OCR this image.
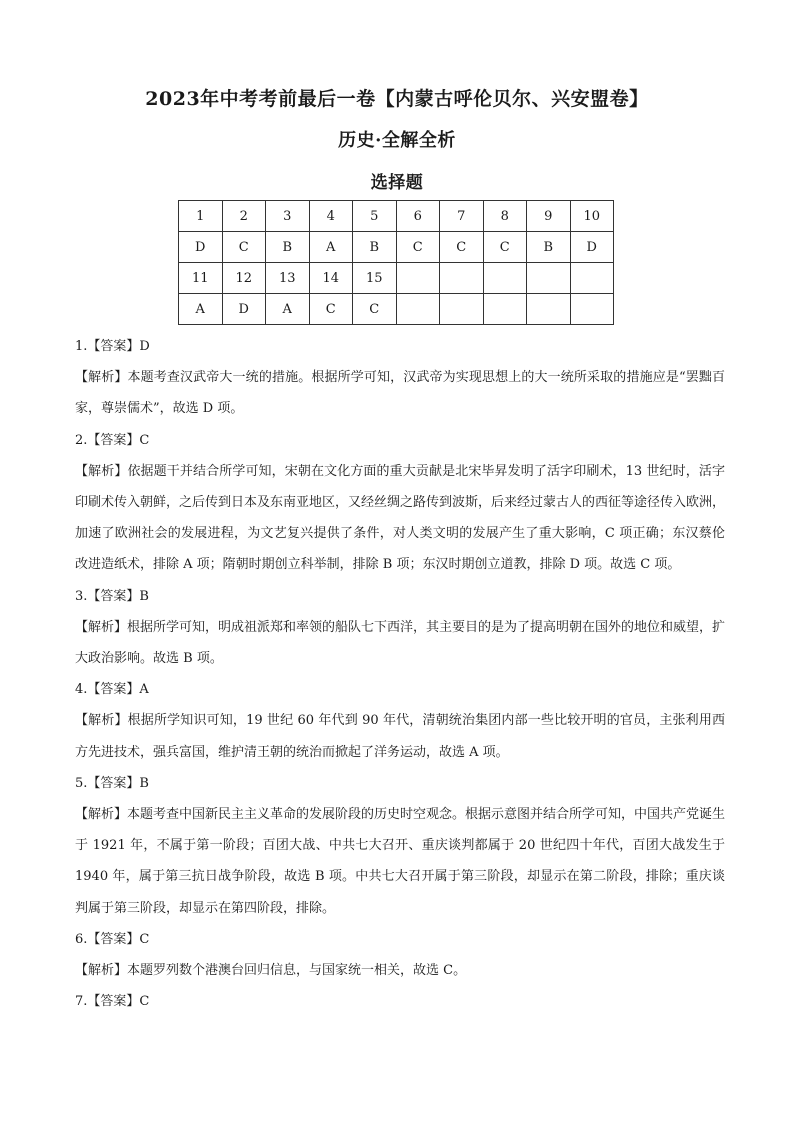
2023年中考考前最后一卷【内蒙古呼伦贝尔、兴安盟卷】
历史·全解全析
选择题
1	2	3	4	5	6	7	8	9	10
D	C	B	A	B	C	C	C	B	D
11	12	13	14	15					
A	D	A	C	C					
1.【答案】D
【解析】本题考查汉武帝大一统的措施。根据所学可知，汉武帝为实现思想上的大一统所采取的措施应是“罢黜百家，尊崇儒术”，故选 D 项。
2.【答案】C
【解析】依据题干并结合所学可知，宋朝在文化方面的重大贡献是北宋毕昇发明了活字印刷术，13 世纪时，活字印刷术传入朝鲜，之后传到日本及东南亚地区，又经丝绸之路传到波斯，后来经过蒙古人的西征等途径传入欧洲，加速了欧洲社会的发展进程，为文艺复兴提供了条件，对人类文明的发展产生了重大影响，C 项正确；东汉蔡伦改进造纸术，排除 A 项；隋朝时期创立科举制，排除 B 项；东汉时期创立道教，排除 D 项。故选 C 项。
3.【答案】B
【解析】根据所学可知，明成祖派郑和率领的船队七下西洋，其主要目的是为了提高明朝在国外的地位和威望，扩大政治影响。故选 B 项。
4.【答案】A
【解析】根据所学知识可知，19 世纪 60 年代到 90 年代，清朝统治集团内部一些比较开明的官员，主张利用西方先进技术，强兵富国，维护清王朝的统治而掀起了洋务运动，故选 A 项。
5.【答案】B
【解析】本题考查中国新民主主义革命的发展阶段的历史时空观念。根据示意图并结合所学可知，中国共产党诞生于 1921 年，不属于第一阶段；百团大战、中共七大召开、重庆谈判都属于 20 世纪四十年代，百团大战发生于 1940 年，属于第三抗日战争阶段，故选 B 项。中共七大召开属于第三阶段，却显示在第二阶段，排除；重庆谈判属于第三阶段，却显示在第四阶段，排除。
6.【答案】C
【解析】本题罗列数个港澳台回归信息，与国家统一相关，故选 C。
7.【答案】C
